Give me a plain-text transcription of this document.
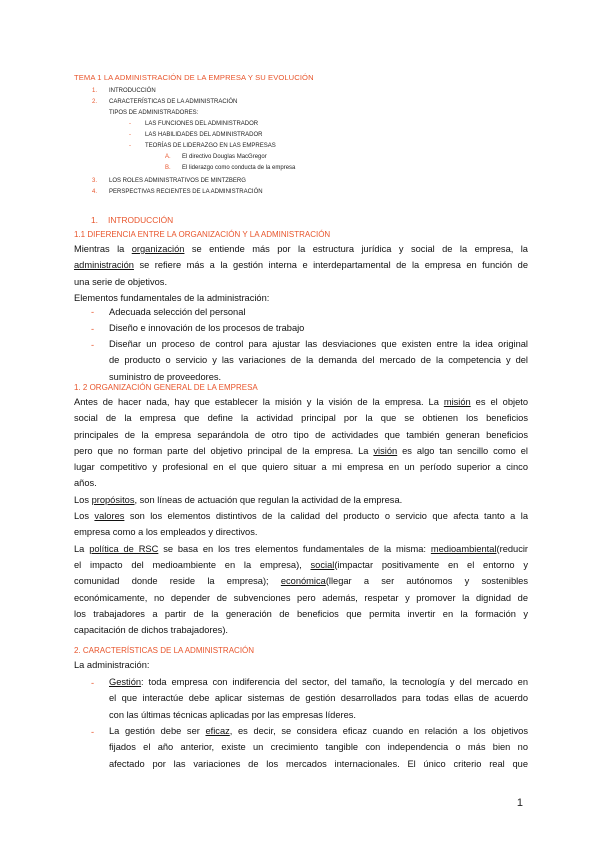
TEMA 1 LA ADMINISTRACIÓN DE LA EMPRESA Y SU EVOLUCIÓN
1. INTRODUCCIÓN
2. CARACTERÍSTICAS DE LA ADMINISTRACIÓN
TIPOS DE ADMINISTRADORES:
- LAS FUNCIONES DEL ADMINISTRADOR
- LAS HABILIDADES DEL ADMINISTRADOR
- TEORÍAS DE LIDERAZGO EN LAS EMPRESAS
A. El directivo Douglas MacGregor
B. El liderazgo como conducta de la empresa
3. LOS ROLES ADMINISTRATIVOS DE MINTZBERG
4. PERSPECTIVAS RECIENTES DE LA ADMINISTRACIÓN
1. INTRODUCCIÓN
1.1 DIFERENCIA ENTRE LA ORGANIZACIÓN Y LA ADMINISTRACIÓN
Mientras la organización se entiende más por la estructura jurídica y social de la empresa, la
administración se refiere más a la gestión interna e interdepartamental de la empresa en función de
una serie de objetivos.
Elementos fundamentales de la administración:
- Adecuada selección del personal
- Diseño e innovación de los procesos de trabajo
- Diseñar un proceso de control para ajustar las desviaciones que existen entre la idea original
de producto o servicio y las variaciones de la demanda del mercado de la competencia y del
suministro de proveedores.
1. 2 ORGANIZACIÓN GENERAL DE LA EMPRESA
Antes de hacer nada, hay que establecer la misión y la visión de la empresa. La misión es el objeto
social de la empresa que define la actividad principal por la que se obtienen los beneficios
principales de la empresa separándola de otro tipo de actividades que también generan beneficios
pero que no forman parte del objetivo principal de la empresa. La visión es algo tan sencillo como el
lugar competitivo y profesional en el que quiero situar a mi empresa en un período superior a cinco
años.
Los propósitos, son líneas de actuación que regulan la actividad de la empresa.
Los valores son los elementos distintivos de la calidad del producto o servicio que afecta tanto a la
empresa como a los empleados y directivos.
La política de RSC se basa en los tres elementos fundamentales de la misma: medioambiental(reducir
el impacto del medioambiente en la empresa), social(impactar positivamente en el entorno y
comunidad donde reside la empresa); económica(llegar a ser autónomos y sostenibles
económicamente, no depender de subvenciones pero además, respetar y promover la dignidad de
los trabajadores a partir de la generación de beneficios que permita invertir en la formación y
capacitación de dichos trabajadores).
2. CARACTERÍSTICAS DE LA ADMINISTRACIÓN
La administración:
- Gestión: toda empresa con indiferencia del sector, del tamaño, la tecnología y del mercado en
el que interactúe debe aplicar sistemas de gestión desarrollados para todas ellas de acuerdo
con las últimas técnicas aplicadas por las empresas líderes.
- La gestión debe ser eficaz, es decir, se considera eficaz cuando en relación a los objetivos
fijados el año anterior, existe un crecimiento tangible con independencia o más bien no
afectado por las variaciones de los mercados internacionales. El único criterio real que
1
